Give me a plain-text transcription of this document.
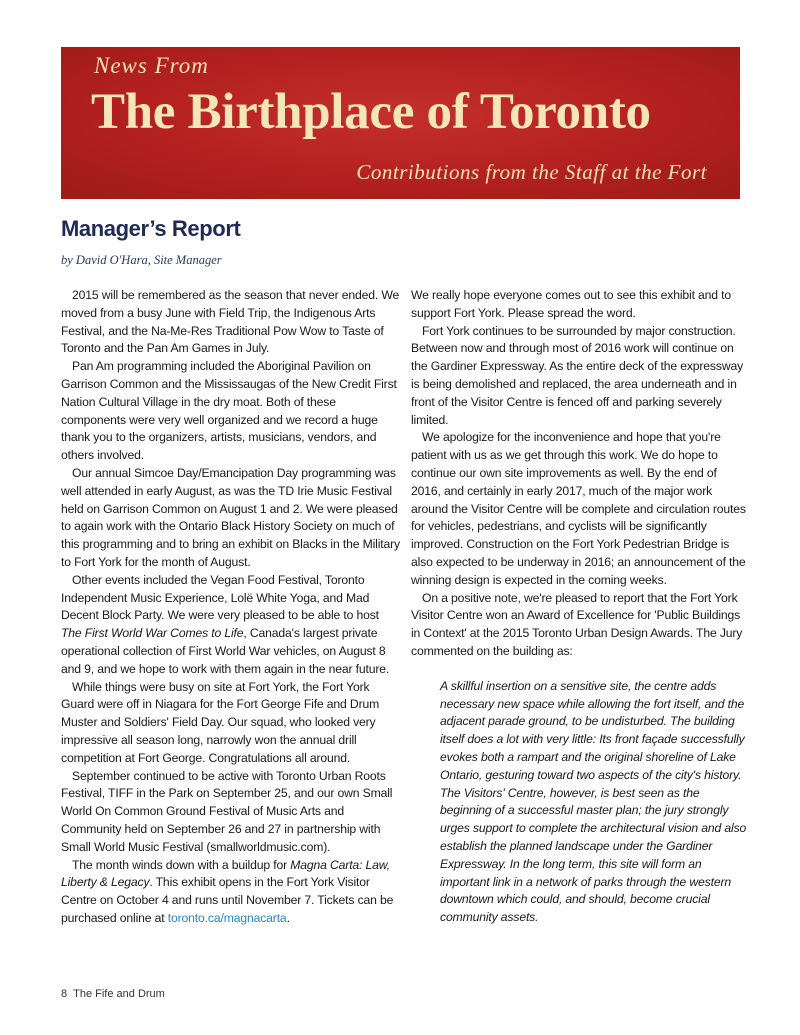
News From
The Birthplace of Toronto
Contributions from the Staff at the Fort
Manager’s Report
by David O'Hara, Site Manager

2015 will be remembered as the season that never ended. We moved from a busy June with Field Trip, the Indigenous Arts Festival, and the Na-Me-Res Traditional Pow Wow to Taste of Toronto and the Pan Am Games in July.

Pan Am programming included the Aboriginal Pavilion on Garrison Common and the Mississaugas of the New Credit First Nation Cultural Village in the dry moat. Both of these components were very well organized and we record a huge thank you to the organizers, artists, musicians, vendors, and others involved.

Our annual Simcoe Day/Emancipation Day programming was well attended in early August, as was the TD Irie Music Festival held on Garrison Common on August 1 and 2. We were pleased to again work with the Ontario Black History Society on much of this programming and to bring an exhibit on Blacks in the Military to Fort York for the month of August.

Other events included the Vegan Food Festival, Toronto Independent Music Experience, Lolë White Yoga, and Mad Decent Block Party. We were very pleased to be able to host The First World War Comes to Life, Canada's largest private operational collection of First World War vehicles, on August 8 and 9, and we hope to work with them again in the near future.

While things were busy on site at Fort York, the Fort York Guard were off in Niagara for the Fort George Fife and Drum Muster and Soldiers' Field Day. Our squad, who looked very impressive all season long, narrowly won the annual drill competition at Fort George. Congratulations all around.

September continued to be active with Toronto Urban Roots Festival, TIFF in the Park on September 25, and our own Small World On Common Ground Festival of Music Arts and Community held on September 26 and 27 in partnership with Small World Music Festival (smallworldmusic.com).

The month winds down with a buildup for Magna Carta: Law, Liberty & Legacy. This exhibit opens in the Fort York Visitor Centre on October 4 and runs until November 7. Tickets can be purchased online at toronto.ca/magnacarta.

We really hope everyone comes out to see this exhibit and to support Fort York. Please spread the word.

Fort York continues to be surrounded by major construction. Between now and through most of 2016 work will continue on the Gardiner Expressway. As the entire deck of the expressway is being demolished and replaced, the area underneath and in front of the Visitor Centre is fenced off and parking severely limited.

We apologize for the inconvenience and hope that you're patient with us as we get through this work. We do hope to continue our own site improvements as well. By the end of 2016, and certainly in early 2017, much of the major work around the Visitor Centre will be complete and circulation routes for vehicles, pedestrians, and cyclists will be significantly improved. Construction on the Fort York Pedestrian Bridge is also expected to be underway in 2016; an announcement of the winning design is expected in the coming weeks.

On a positive note, we're pleased to report that the Fort York Visitor Centre won an Award of Excellence for 'Public Buildings in Context' at the 2015 Toronto Urban Design Awards. The Jury commented on the building as:

A skillful insertion on a sensitive site, the centre adds necessary new space while allowing the fort itself, and the adjacent parade ground, to be undisturbed. The building itself does a lot with very little: Its front façade successfully evokes both a rampart and the original shoreline of Lake Ontario, gesturing toward two aspects of the city's history. The Visitors' Centre, however, is best seen as the beginning of a successful master plan; the jury strongly urges support to complete the architectural vision and also establish the planned landscape under the Gardiner Expressway. In the long term, this site will form an important link in a network of parks through the western downtown which could, and should, become crucial community assets.

8 The Fife and Drum
